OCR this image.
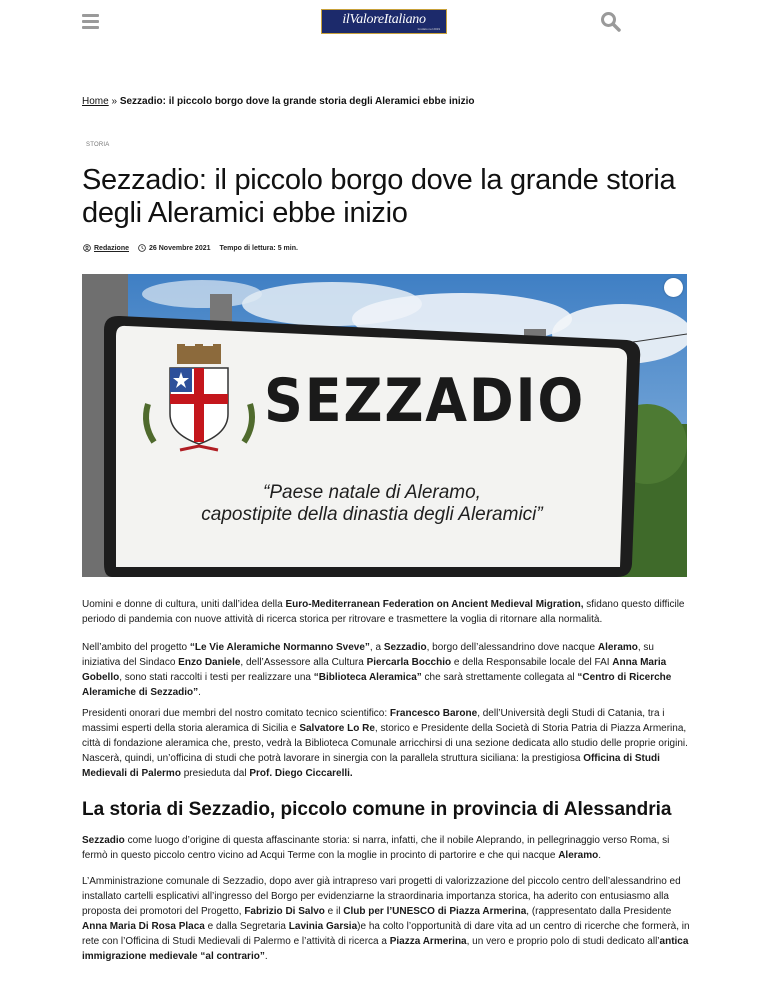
ilValoreItaliano
fondato nel 2019
Home » Sezzadio: il piccolo borgo dove la grande storia degli Aleramici ebbe inizio
STORIA
Sezzadio: il piccolo borgo dove la grande storia degli Aleramici ebbe inizio
Redazione	26 Novembre 2021 Tempo di lettura: 5 min.
SEZZADIO
“Paese natale di Aleramo,
capostipite della dinastia degli Aleramici”

Uomini e donne di cultura, uniti dall’idea della Euro-Mediterranean Federation on Ancient Medieval Migration, sfidano questo difficile periodo di pandemia con nuove attività di ricerca storica per ritrovare e trasmettere la voglia di ritornare alla normalità.

Nell’ambito del progetto “Le Vie Aleramiche Normanno Sveve”, a Sezzadio, borgo dell’alessandrino dove nacque Aleramo, su iniziativa del Sindaco Enzo Daniele, dell’Assessore alla Cultura Piercarla Bocchio e della Responsabile locale del FAI Anna Maria Gobello, sono stati raccolti i testi per realizzare una “Biblioteca Aleramica” che sarà strettamente collegata al “Centro di Ricerche Aleramiche di Sezzadio”.

Presidenti onorari due membri del nostro comitato tecnico scientifico: Francesco Barone, dell’Università degli Studi di Catania, tra i massimi esperti della storia aleramica di Sicilia e Salvatore Lo Re, storico e Presidente della Società di Storia Patria di Piazza Armerina, città di fondazione aleramica che, presto, vedrà la Biblioteca Comunale arricchirsi di una sezione dedicata allo studio delle proprie origini. Nascerà, quindi, un’officina di studi che potrà lavorare in sinergia con la parallela struttura siciliana: la prestigiosa Officina di Studi Medievali di Palermo presieduta dal Prof. Diego Ciccarelli.

La storia di Sezzadio, piccolo comune in provincia di Alessandria

Sezzadio come luogo d’origine di questa affascinante storia: si narra, infatti, che il nobile Aleprando, in pellegrinaggio verso Roma, si fermò in questo piccolo centro vicino ad Acqui Terme con la moglie in procinto di partorire e che qui nacque Aleramo.

L’Amministrazione comunale di Sezzadio, dopo aver già intrapreso vari progetti di valorizzazione del piccolo centro dell’alessandrino ed installato cartelli esplicativi all’ingresso del Borgo per evidenziarne la straordinaria importanza storica, ha aderito con entusiasmo alla proposta dei promotori del Progetto, Fabrizio Di Salvo e il Club per l’UNESCO di Piazza Armerina, (rappresentato dalla Presidente Anna Maria Di Rosa Placa e dalla Segretaria Lavinia Garsia)e ha colto l’opportunità di dare vita ad un centro di ricerche che formerà, in rete con l’Officina di Studi Medievali di Palermo e l’attività di ricerca a Piazza Armerina, un vero e proprio polo di studi dedicato all’antica immigrazione medievale “al contrario”.
